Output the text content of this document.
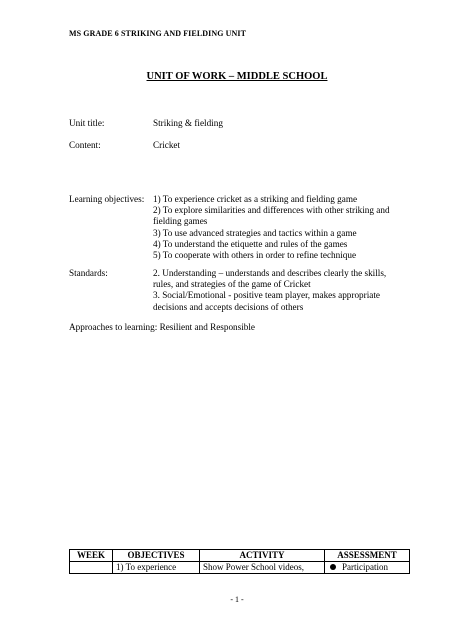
MS GRADE 6 STRIKING AND FIELDING UNIT
UNIT OF WORK – MIDDLE SCHOOL
Unit title:	Striking & fielding
Content:	Cricket
Learning objectives: 1) To experience cricket as a striking and fielding game
2) To explore similarities and differences with other striking and
fielding games
3) To use advanced strategies and tactics within a game
4) To understand the etiquette and rules of the games
5) To cooperate with others in order to refine technique
Standards:	2. Understanding – understands and describes clearly the skills,
rules, and strategies of the game of Cricket
3. Social/Emotional - positive team player, makes appropriate
decisions and accepts decisions of others
Approaches to learning: Resilient and Responsible
WEEK	OBJECTIVES	ACTIVITY	ASSESSMENT
	1) To experience	Show Power School videos,	Participation
- 1 -
